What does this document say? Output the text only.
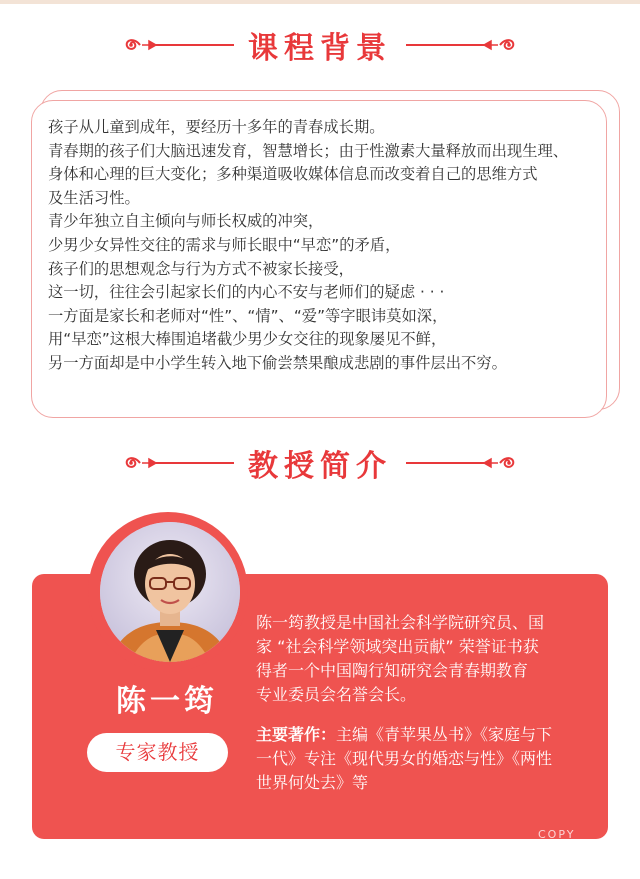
课程背景
孩子从儿童到成年，要经历十多年的青春成长期。
青春期的孩子们大脑迅速发育，智慧增长；由于性激素大量释放而出现生理、
身体和心理的巨大变化；多种渠道吸收媒体信息而改变着自己的思维方式
及生活习性。
青少年独立自主倾向与师长权威的冲突，
少男少女异性交往的需求与师长眼中“早恋”的矛盾，
孩子们的思想观念与行为方式不被家长接受，
这一切，往往会引起家长们的内心不安与老师们的疑虑 · · ·
一方面是家长和老师对“性”、“情”、“爱”等字眼讳莫如深，
用“早恋”这根大棒围追堵截少男少女交往的现象屡见不鲜，
另一方面却是中小学生转入地下偷尝禁果酿成悲剧的事件层出不穷。
教授简介
陈一筠
专家教授
陈一筠教授是中国社会科学院研究员、国
家 “社会科学领域突出贡献” 荣誉证书获
得者一个中国陶行知研究会青春期教育
专业委员会名誉会长。
主要著作：主编《青苹果丛书》《家庭与下
一代》专注《现代男女的婚恋与性》《两性
世界何处去》等
COPY
